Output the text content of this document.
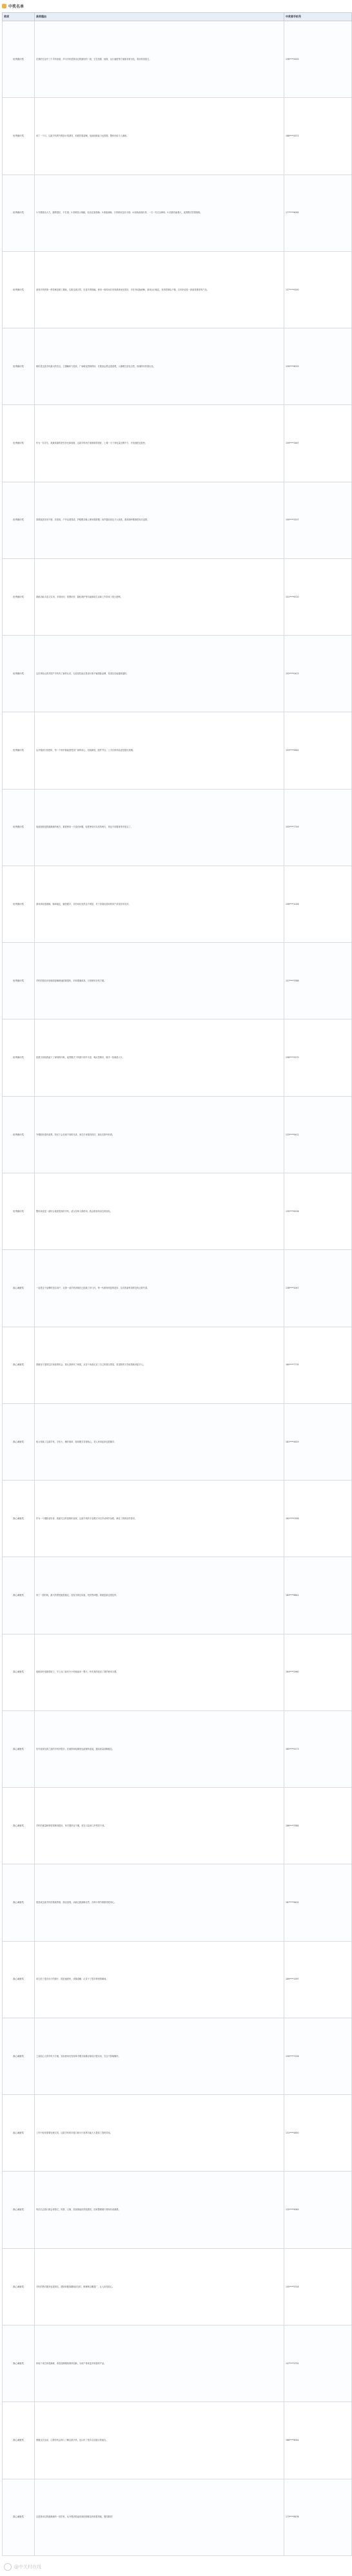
中奖名单
奖项	获奖理由	中奖者手机号
优秀测评奖	在我的生活中三个手机里面，华为手机是我用过的最好的一款，它在拍照、续航、运行速度等方面都非常出色，我非常喜欢它。	136****5555
优秀测评奖	用了一个月，这款手机的外观设计很漂亮，拍照效果清晰，电池续航能力也很强，整体体验令人满意。	188****4572
优秀测评奖	1.外观简洁大方，握感很好，不打滑；2.屏幕显示细腻，色彩还原准确；3.系统流畅，日常使用没有卡顿；4.续航表现优秀，一天一充完全够用；5.拍照功能强大，夜景模式效果惊艳。	177****6095
优秀测评奖	拿到手机的第一感觉就是做工精致，边框过渡自然，后盖手感细腻。使用一段时间后发现系统优化很好，多任务切换流畅，游戏运行稳定，发热控制也不错，总体来说是一款值得推荐的产品。	137****0000
优秀测评奖	相机是这款手机最大的亮点，主摄解析力很高，广角畸变控制得好，长焦拍远景也很清楚，人像模式虚化自然，视频防抖效果出色。	139****8033
优秀测评奖	作为一名学生，我最看重的是性价比和续航，这款手机两方面都做得很好，上课一天下来电量还剩不少，充电速度也很快。	159****3467
优秀测评奖	屏幕素质非常不错，亮度高，户外也看得清，护眼模式晚上使用很舒服；扬声器音质也令人惊喜，看视频听歌都很有沉浸感。	150****2207
优秀测评奖	系统功能丰富又实用，多屏协同、智慧识屏、隐私保护等功能都给生活和工作带来了很大便利。	151****6720
优秀测评奖	这次体验让我对国产手机有了新的认识，无论是性能还是设计都不输国际品牌，希望以后能越来越好。	152****0413
优秀测评奖	从开箱到日常使用，每一个细节都能感受到厂商的用心，包装精美，配件齐全，上手后的体验更是超出预期。	153****9581
优秀测评奖	电池续航是我最满意的地方，重度使用一天没有问题，轻度使用可以坚持两天，再也不用随身带充电宝了。	155****7749
优秀测评奖	游戏体验很流畅，帧率稳定，触控跟手，长时间玩发热也不明显，对于喜欢玩游戏的用户来说非常友好。	156****1026
优秀测评奖	手机的指纹识别和面部解锁速度都很快，识别准确率高，日常使用非常方便。	157****3388
优秀测评奖	拍照方面给我留下了深刻的印象，夜景模式下的照片细节丰富、噪点控制好，随手一拍就是大片。	158****5270
优秀测评奖	外观配色很有质感，阳光下会呈现不同的光泽，拿在手里很有档次，朋友们都夸好看。	133****9412
优秀测评奖	整体来说是一款综合素质很高的手机，适合各种人群使用，我会推荐给身边的朋友。	135****6158
真心诚意奖	一直是这个品牌的忠实用户，从第一部手机到现在已经换了好几代，每一代都有明显的进步，这次的新机同样没有让我失望。	138****2047
真心诚意奖	感谢官方提供这次体验的机会，我认真使用了两周，从各个角度记录了自己的真实感受，希望我的分享能帮助到更多人。	180****7735
真心诚意奖	给父母换了这款手机，字体大、操作简单，简易模式非常贴心，老人家用起来也很顺手。	181****4619
真心诚意奖	作为一个摄影爱好者，我最关注的是相机表现，这款手机的专业模式可以手动调节参数，满足了我的创作需求。	182****0358
真心诚意奖	用了一段时间，最大的感受就是稳定，没有出现过闪退、死机等问题，系统更新也很及时。	183****8841
真心诚意奖	续航和充电都很给力，早上出门前充半小时就能用一整天，快充真的改变了我的使用习惯。	184****2960
真心诚意奖	信号表现比我之前的手机好很多，在地铁和电梯里也能保持连接，通话质量清晰稳定。	185****5173
真心诚意奖	手机的重量和厚度控制得很好，单手握持也不累，放在口袋里几乎感觉不到。	186****3384
真心诚意奖	很喜欢这款手机的系统界面，简洁清爽，动画过渡流畅自然，各种小细节都做得很用心。	187****6402
真心诚意奖	用它拍了很多孩子的照片，抓拍速度快，成像清晰，记录下了很多珍贵的瞬间。	189****1597
真心诚意奖	之前担心大屏手机不方便，实际使用后发现单手模式和悬浮球设计很实用，完全不影响操作。	130****7226
真心诚意奖	工作中经常需要处理文档，这款手机的多窗口和平行视界功能大大提高了我的效率。	131****4850
真心诚意奖	每次出去旅行都会带着它，风景、人像、美食都能拍得很漂亮，回来整理照片特别有成就感。	132****9063
真心诚意奖	手机的售后服务也很到位，遇到问题客服响应及时，维修网点覆盖广，让人用得放心。	145****5318
真心诚意奖	体验下来总体很满意，希望品牌继续保持创新，为用户带来更多惊喜的产品。	147****2791
真心诚意奖	感谢这次活动，让我有机会深入了解这款手机，也认识了很多志同道合的朋友。	166****6054
真心诚意奖	这是我用过的最满意的一部手机，从外观到性能再到拍照都没有明显短板，强烈推荐！	173****8436
@中关村在线
